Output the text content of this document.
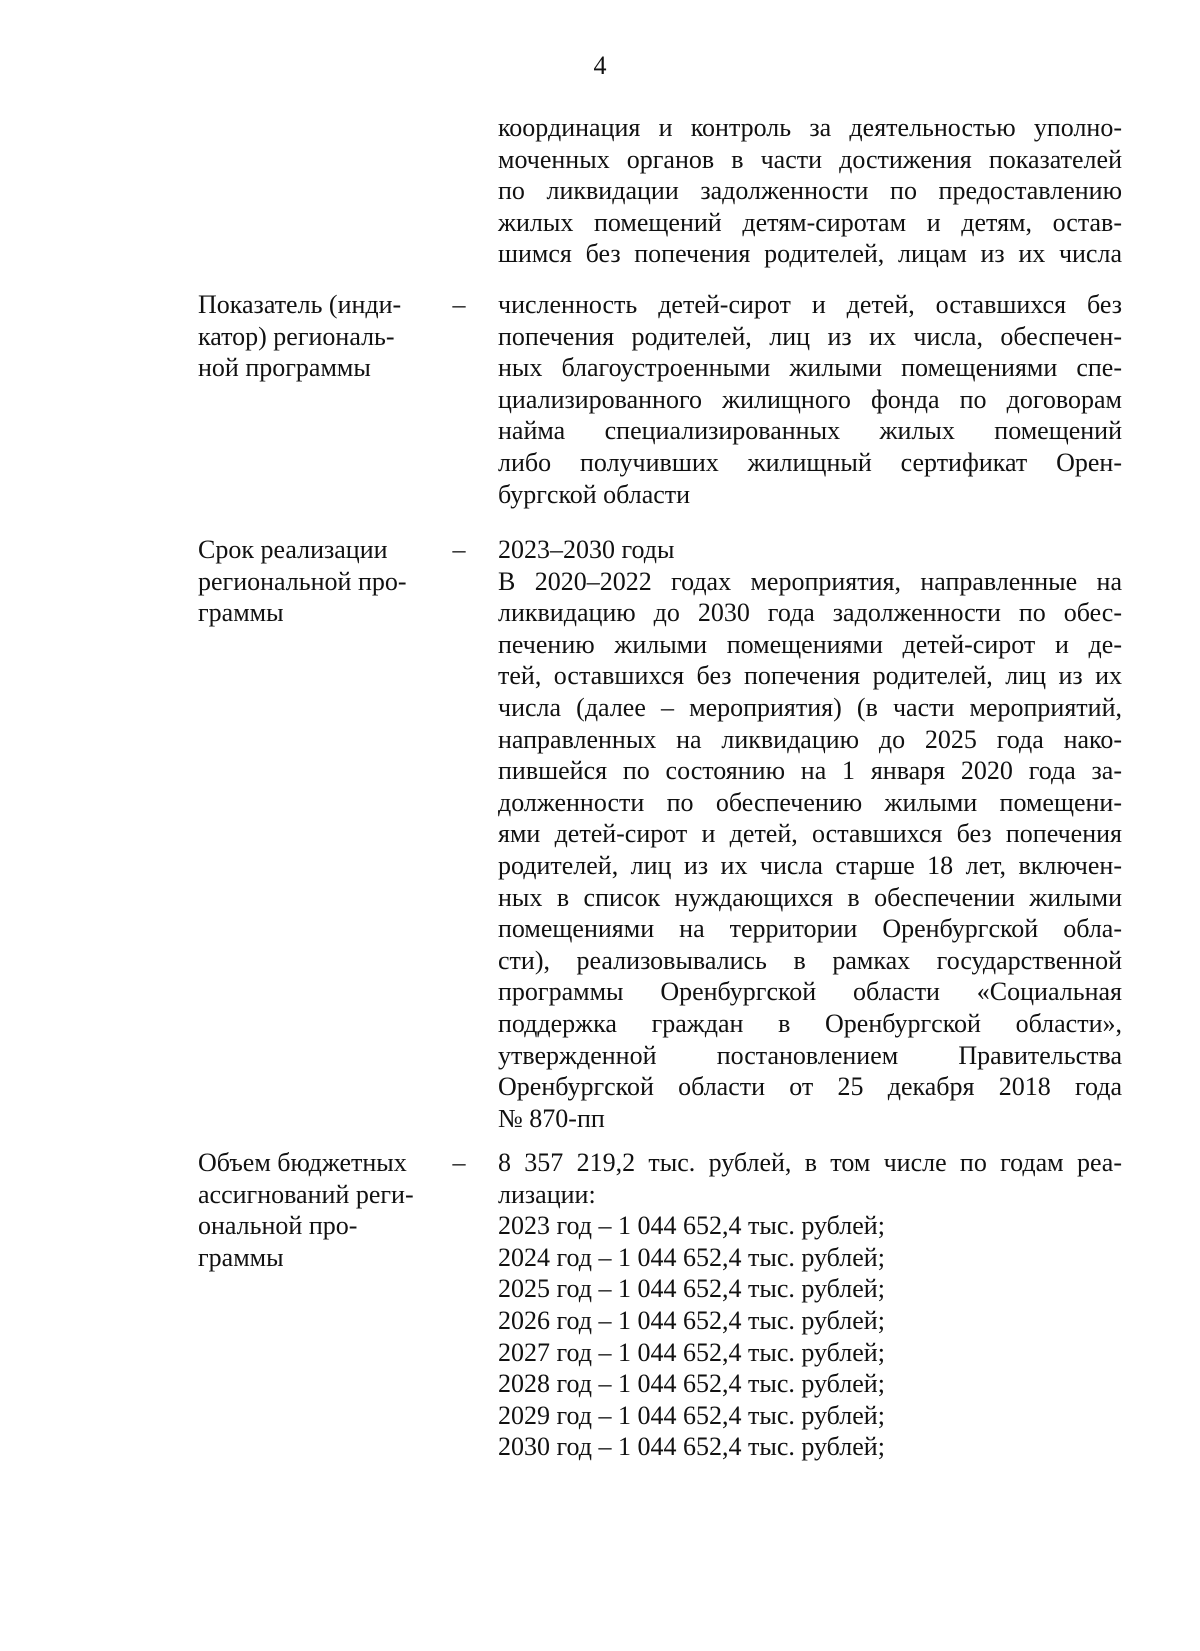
4
координация и контроль за деятельностью уполно-
моченных органов в части достижения показателей
по ликвидации задолженности по предоставлению
жилых помещений детям-сиротам и детям, остав-
шимся без попечения родителей, лицам из их числа
Показатель (инди-
катор) региональ-
ной программы
– численность детей-сирот и детей, оставшихся без
попечения родителей, лиц из их числа, обеспечен-
ных благоустроенными жилыми помещениями спе-
циализированного жилищного фонда по договорам
найма специализированных жилых помещений
либо получивших жилищный сертификат Орен-
бургской области
Срок реализации
региональной про-
граммы
– 2023–2030 годы
В 2020–2022 годах мероприятия, направленные на
ликвидацию до 2030 года задолженности по обес-
печению жилыми помещениями детей-сирот и де-
тей, оставшихся без попечения родителей, лиц из их
числа (далее – мероприятия) (в части мероприятий,
направленных на ликвидацию до 2025 года нако-
пившейся по состоянию на 1 января 2020 года за-
долженности по обеспечению жилыми помещени-
ями детей-сирот и детей, оставшихся без попечения
родителей, лиц из их числа старше 18 лет, включен-
ных в список нуждающихся в обеспечении жилыми
помещениями на территории Оренбургской обла-
сти), реализовывались в рамках государственной
программы Оренбургской области «Социальная
поддержка граждан в Оренбургской области»,
утвержденной постановлением Правительства
Оренбургской области от 25 декабря 2018 года
№ 870-пп
Объем бюджетных
ассигнований реги-
ональной про-
граммы
– 8 357 219,2 тыс. рублей, в том числе по годам реа-
лизации:
2023 год – 1 044 652,4 тыс. рублей;
2024 год – 1 044 652,4 тыс. рублей;
2025 год – 1 044 652,4 тыс. рублей;
2026 год – 1 044 652,4 тыс. рублей;
2027 год – 1 044 652,4 тыс. рублей;
2028 год – 1 044 652,4 тыс. рублей;
2029 год – 1 044 652,4 тыс. рублей;
2030 год – 1 044 652,4 тыс. рублей;
